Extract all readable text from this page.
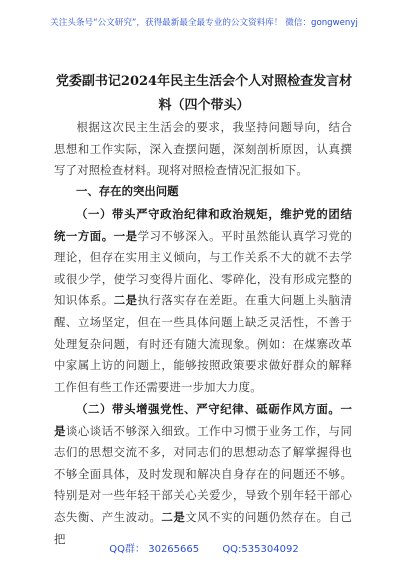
关注头条号“公文研究”，获得最新最全最专业的公文资料库！ 微信：gongwenyj
党委副书记2024年民主生活会个人对照检查发言材料（四个带头）
根据这次民主生活会的要求，我坚持问题导向，结合思想和工作实际，深入查摆问题，深刻剖析原因，认真撰写了对照检查材料。现将对照检查情况汇报如下。
一、存在的突出问题
（一）带头严守政治纪律和政治规矩，维护党的团结统一方面。一是学习不够深入。平时虽然能认真学习党的理论，但存在实用主义倾向，与工作关系不大的就不去学或很少学，使学习变得片面化、零碎化，没有形成完整的知识体系。二是执行落实存在差距。在重大问题上头脑清醒、立场坚定，但在一些具体问题上缺乏灵活性，不善于处理复杂问题，有时还有随大流现象。例如：在煤寨改革中家属上访的问题上，能够按照政策要求做好群众的解释工作但有些工作还需要进一步加大力度。
（二）带头增强党性、严守纪律、砥砺作风方面。一是谈心谈话不够深入细致。工作中习惯于业务工作，与同志们的思想交流不多，对同志们的思想动态了解掌握得也不够全面具体，及时发现和解决自身存在的问题还不够。特别是对一些年轻干部关心关爱少，导致个别年轻干部心态失衡、产生波动。二是文风不实的问题仍然存在。自己把
QQ群： 30265665 QQ:535304092
